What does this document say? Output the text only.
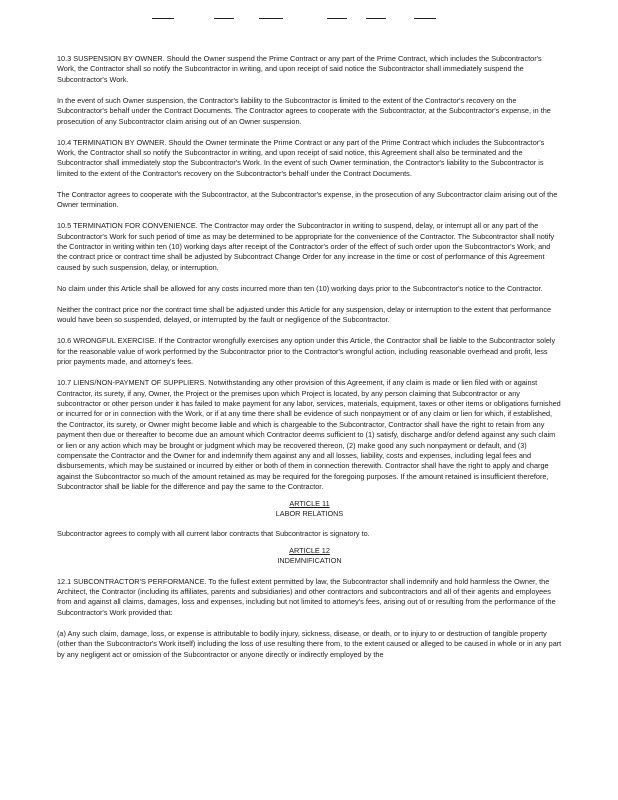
10.3 SUSPENSION BY OWNER. Should the Owner suspend the Prime Contract or any part of the Prime Contract, which includes the Subcontractor's Work, the Contractor shall so notify the Subcontractor in writing, and upon receipt of said notice the Subcontractor shall immediately suspend the Subcontractor's Work.

In the event of such Owner suspension, the Contractor's liability to the Subcontractor is limited to the extent of the Contractor's recovery on the Subcontractor's behalf under the Contract Documents. The Contractor agrees to cooperate with the Subcontractor, at the Subcontractor's expense, in the prosecution of any Subcontractor claim arising out of an Owner suspension.

10.4 TERMINATION BY OWNER. Should the Owner terminate the Prime Contract or any part of the Prime Contract which includes the Subcontractor's Work, the Contractor shall so notify the Subcontractor in writing, and upon receipt of said notice, this Agreement shall also be terminated and the Subcontractor shall immediately stop the Subcontractor's Work. In the event of such Owner termination, the Contractor's liability to the Subcontractor is limited to the extent of the Contractor's recovery on the Subcontractor's behalf under the Contract Documents.

The Contractor agrees to cooperate with the Subcontractor, at the Subcontractor's expense, in the prosecution of any Subcontractor claim arising out of the Owner termination.

10.5 TERMINATION FOR CONVENIENCE. The Contractor may order the Subcontractor in writing to suspend, delay, or interrupt all or any part of the Subcontractor's Work for such period of time as may be determined to be appropriate for the convenience of the Contractor. The Subcontractor shall notify the Contractor in writing within ten (10) working days after receipt of the Contractor's order of the effect of such order upon the Subcontractor's Work, and the contract price or contract time shall be adjusted by Subcontract Change Order for any increase in the time or cost of performance of this Agreement caused by such suspension, delay, or interruption.

No claim under this Article shall be allowed for any costs incurred more than ten (10) working days prior to the Subcontractor's notice to the Contractor.

Neither the contract price nor the contract time shall be adjusted under this Article for any suspension, delay or interruption to the extent that performance would have been so suspended, delayed, or interrupted by the fault or negligence of the Subcontractor.

10.6 WRONGFUL EXERCISE. If the Contractor wrongfully exercises any option under this Article, the Contractor shall be liable to the Subcontractor solely for the reasonable value of work performed by the Subcontractor prior to the Contractor's wrongful action, including reasonable overhead and profit, less prior payments made, and attorney's fees.

10.7 LIENS/NON-PAYMENT OF SUPPLIERS. Notwithstanding any other provision of this Agreement, if any claim is made or lien filed with or against Contractor, its surety, if any, Owner, the Project or the premises upon which Project is located, by any person claiming that Subcontractor or any subcontractor or other person under it has failed to make payment for any labor, services, materials, equipment, taxes or other items or obligations furnished or incurred for or in connection with the Work, or if at any time there shall be evidence of such nonpayment or of any claim or lien for which, if established, the Contractor, its surety, or Owner might become liable and which is chargeable to the Subcontractor, Contractor shall have the right to retain from any payment then due or thereafter to become due an amount which Contractor deems sufficient to (1) satisfy, discharge and/or defend against any such claim or lien or any action which may be brought or judgment which may be recovered thereon, (2) make good any such nonpayment or default, and (3) compensate the Contractor and the Owner for and indemnify them against any and all losses, liability, costs and expenses, including legal fees and disbursements, which may be sustained or incurred by either or both of them in connection therewith. Contractor shall have the right to apply and charge against the Subcontractor so much of the amount retained as may be required for the foregoing purposes. If the amount retained is insufficient therefore, Subcontractor shall be liable for the difference and pay the same to the Contractor.

ARTICLE 11
LABOR RELATIONS

Subcontractor agrees to comply with all current labor contracts that Subcontractor is signatory to.

ARTICLE 12
INDEMNIFICATION

12.1 SUBCONTRACTOR'S PERFORMANCE. To the fullest extent permitted by law, the Subcontractor shall indemnify and hold harmless the Owner, the Architect, the Contractor (including its affiliates, parents and subsidiaries) and other contractors and subcontractors and all of their agents and employees from and against all claims, damages, loss and expenses, including but not limited to attorney's fees, arising out of or resulting from the performance of the Subcontractor's Work provided that:

(a) Any such claim, damage, loss, or expense is attributable to bodily injury, sickness, disease, or death, or to injury to or destruction of tangible property (other than the Subcontractor's Work itself) including the loss of use resulting there from, to the extent caused or alleged to be caused in whole or in any part by any negligent act or omission of the Subcontractor or anyone directly or indirectly employed by the
